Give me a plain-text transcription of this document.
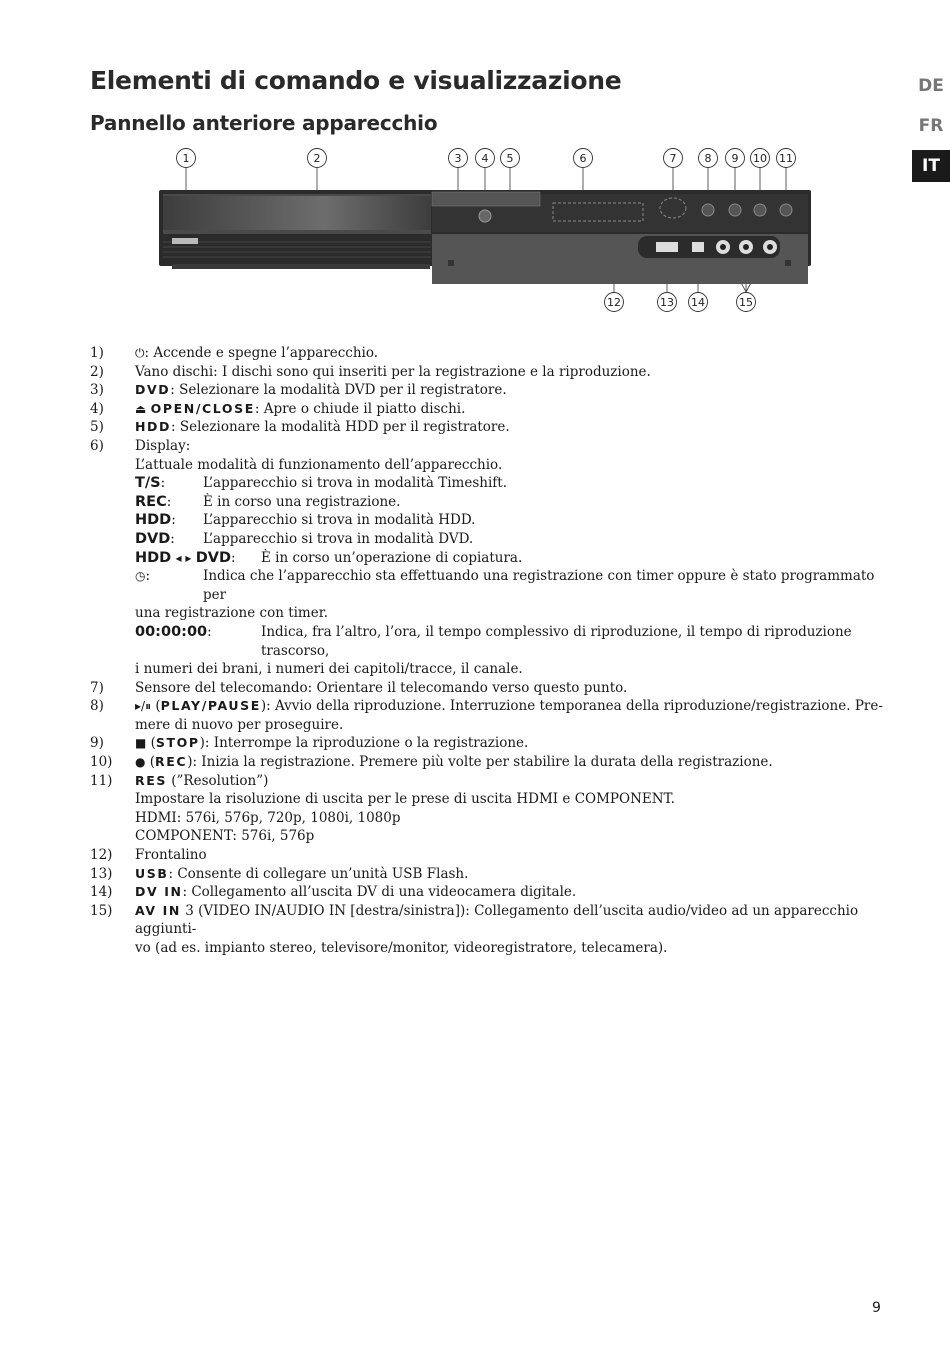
Elementi di comando e visualizzazione
Pannello anteriore apparecchio
DE
FR
IT
1	2	3 4 5	6	7	8 9 10 11
12	13 14	15
1)	⏻: Accende e spegne l’apparecchio.
2) Vano dischi: I dischi sono qui inseriti per la registrazione e la riproduzione.
3) DVD: Selezionare la modalità DVD per il registratore.
4)	⏏ OPEN/CLOSE: Apre o chiude il piatto dischi.
5) HDD: Selezionare la modalità HDD per il registratore.
6) Display:
L’attuale modalità di funzionamento dell’apparecchio.
T/S:	L’apparecchio si trova in modalità Timeshift.
REC:	È in corso una registrazione.
HDD:	L’apparecchio si trova in modalità HDD.
DVD:	L’apparecchio si trova in modalità DVD.
HDD ◂ ▸ DVD:	È in corso un’operazione di copiatura.
◷:	Indica che l’apparecchio sta effettuando una registrazione con timer oppure è stato programmato per
una registrazione con timer.
00:00:00:	Indica, fra l’altro, l’ora, il tempo complessivo di riproduzione, il tempo di riproduzione trascorso,
i numeri dei brani, i numeri dei capitoli/tracce, il canale.
7) Sensore del telecomando: Orientare il telecomando verso questo punto.
8)	▸/⏸ (PLAY/PAUSE): Avvio della riproduzione. Interruzione temporanea della riproduzione/registrazione. Pre-
mere di nuovo per proseguire.
9)	■ (STOP): Interrompe la riproduzione o la registrazione.
10) ● (REC): Inizia la registrazione. Premere più volte per stabilire la durata della registrazione.
11) RES (”Resolution”)
Impostare la risoluzione di uscita per le prese di uscita HDMI e COMPONENT.
HDMI: 576i, 576p, 720p, 1080i, 1080p
COMPONENT: 576i, 576p
12) Frontalino
13) USB: Consente di collegare un’unità USB Flash.
14) DV IN: Collegamento all’uscita DV di una videocamera digitale.
15) AV IN 3 (VIDEO IN/AUDIO IN [destra/sinistra]): Collegamento dell’uscita audio/video ad un apparecchio aggiunti-
vo (ad es. impianto stereo, televisore/monitor, videoregistratore, telecamera).
9
